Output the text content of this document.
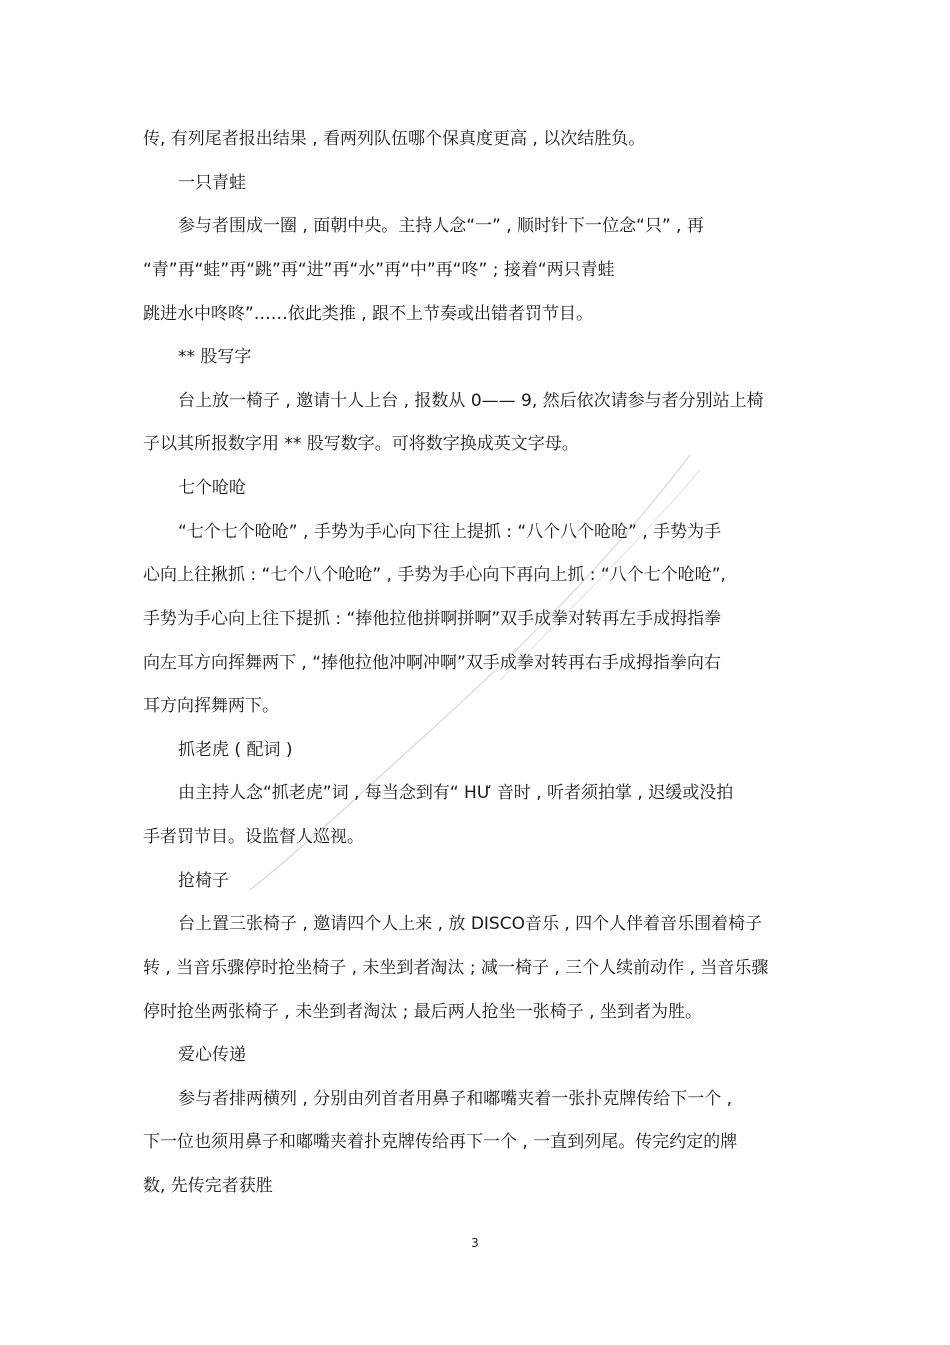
传, 有列尾者报出结果 , 看两列队伍哪个保真度更高 , 以次结胜负。
一只青蛙
参与者围成一圈 , 面朝中央。主持人念“一” , 顺时针下一位念“只” , 再
“青”再“蛙”再“跳”再“进”再“水”再“中”再“咚” ; 接着“两只青蛙
跳进水中咚咚”……依此类推 , 跟不上节奏或出错者罚节目。
** 股写字
台上放一椅子 , 邀请十人上台 , 报数从 0—— 9, 然后依次请参与者分别站上椅
子以其所报数字用 ** 股写数字。可将数字换成英文字母。
七个呛呛
“七个七个呛呛” , 手势为手心向下往上提抓 : “八个八个呛呛” , 手势为手
心向上往揪抓 : “七个八个呛呛” , 手势为手心向下再向上抓 : “八个七个呛呛”,
手势为手心向上往下提抓 : “捧他拉他拼啊拼啊”双手成拳对转再左手成拇指拳
向左耳方向挥舞两下 , “捧他拉他冲啊冲啊”双手成拳对转再右手成拇指拳向右
耳方向挥舞两下。
抓老虎 ( 配词 )
由主持人念“抓老虎”词 , 每当念到有“ HƯ 音时 , 听者须拍掌 , 迟缓或没拍
手者罚节目。设监督人巡视。
抢椅子
台上置三张椅子 , 邀请四个人上来 , 放 DISCO音乐 , 四个人伴着音乐围着椅子
转 , 当音乐骤停时抢坐椅子 , 未坐到者淘汰 ; 减一椅子 , 三个人续前动作 , 当音乐骤
停时抢坐两张椅子 , 未坐到者淘汰 ; 最后两人抢坐一张椅子 , 坐到者为胜。
爱心传递
参与者排两横列 , 分别由列首者用鼻子和嘟嘴夹着一张扑克牌传给下一个 ,
下一位也须用鼻子和嘟嘴夹着扑克牌传给再下一个 , 一直到列尾。传完约定的牌
数, 先传完者获胜
3
